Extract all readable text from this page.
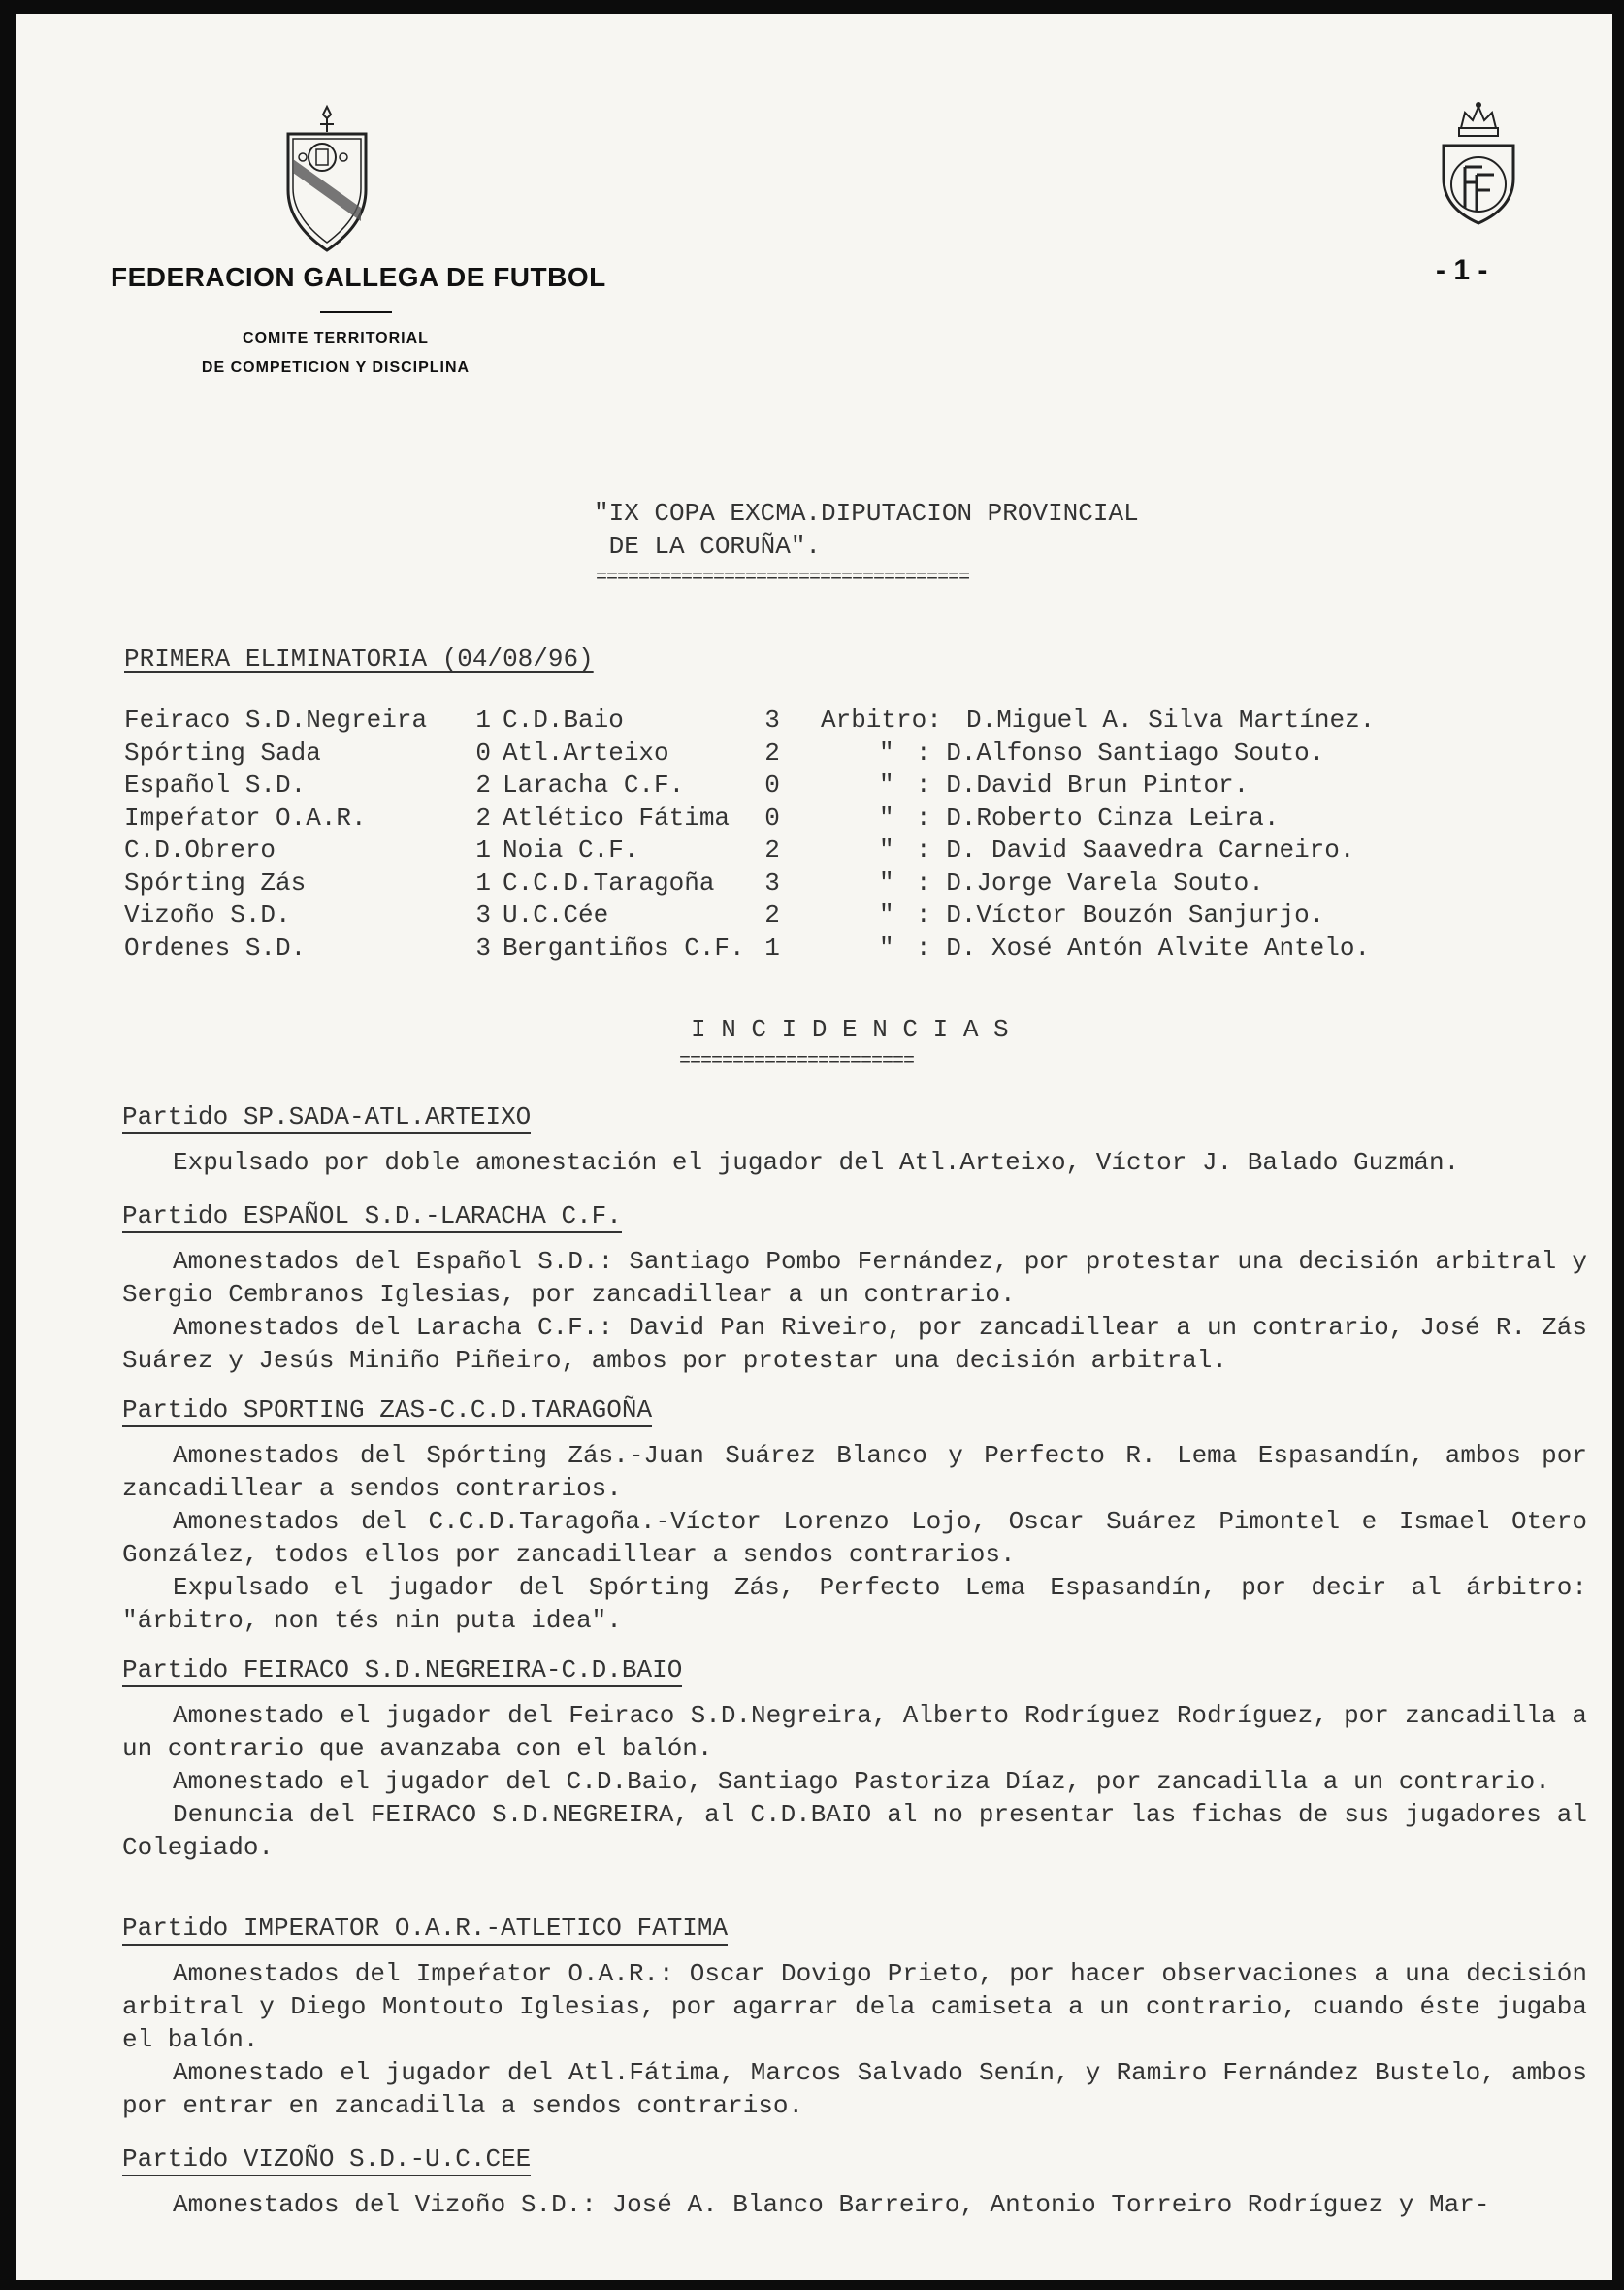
FEDERACION GALLEGA DE FUTBOL
COMITE TERRITORIAL
DE COMPETICION Y DISCIPLINA
- 1 -
"IX COPA EXCMA.DIPUTACION PROVINCIAL
DE LA CORUÑA".
===================================
PRIMERA ELIMINATORIA (04/08/96)
Feiraco S.D.Negreira	1		C.D.Baio	3		Arbitro:	D.Miguel A. Silva Martínez.
Spórting Sada	0		Atl.Arteixo	2		"	: D.Alfonso Santiago Souto.
Español S.D.	2		Laracha C.F.	0		"	: D.David Brun Pintor.
Impeŕator O.A.R.	2		Atlético Fátima	0		"	: D.Roberto Cinza Leira.
C.D.Obrero	1		Noia C.F.	2		"	: D. David Saavedra Carneiro.
Spórting Zás	1		C.C.D.Taragoña	3		"	: D.Jorge Varela Souto.
Vizoño S.D.	3		U.C.Cée	2		"	: D.Víctor Bouzón Sanjurjo.
Ordenes S.D.	3		Bergantiños C.F.	1		"	: D. Xosé Antón Alvite Antelo.
I N C I D E N C I A S
======================
Partido SP.SADA-ATL.ARTEIXO

Expulsado por doble amonestación el jugador del Atl.Arteixo, Víctor J. Balado Guzmán.

Partido ESPAÑOL S.D.-LARACHA C.F.

Amonestados del Español S.D.: Santiago Pombo Fernández, por protestar una decisión arbitral y Sergio Cembranos Iglesias, por zancadillear a un contrario.

Amonestados del Laracha C.F.: David Pan Riveiro, por zancadillear a un contrario, José R. Zás Suárez y Jesús Miniño Piñeiro, ambos por protestar una decisión arbitral.

Partido SPORTING ZAS-C.C.D.TARAGOÑA

Amonestados del Spórting Zás.-Juan Suárez Blanco y Perfecto R. Lema Espasandín, ambos por zancadillear a sendos contrarios.

Amonestados del C.C.D.Taragoña.-Víctor Lorenzo Lojo, Oscar Suárez Pimontel e Ismael Otero González, todos ellos por zancadillear a sendos contrarios.

Expulsado el jugador del Spórting Zás, Perfecto Lema Espasandín, por decir al árbitro: "árbitro, non tés nin puta idea".

Partido FEIRACO S.D.NEGREIRA-C.D.BAIO

Amonestado el jugador del Feiraco S.D.Negreira, Alberto Rodríguez Rodríguez, por zancadilla a un contrario que avanzaba con el balón.

Amonestado el jugador del C.D.Baio, Santiago Pastoriza Díaz, por zancadilla a un contrario.

Denuncia del FEIRACO S.D.NEGREIRA, al C.D.BAIO al no presentar las fichas de sus jugadores al Colegiado.

Partido IMPERATOR O.A.R.-ATLETICO FATIMA

Amonestados del Impeŕator O.A.R.: Oscar Dovigo Prieto, por hacer observaciones a una decisión arbitral y Diego Montouto Iglesias, por agarrar dela camiseta a un contrario, cuando éste jugaba el balón.

Amonestado el jugador del Atl.Fátima, Marcos Salvado Senín, y Ramiro Fernández Bustelo, ambos por entrar en zancadilla a sendos contrariso.

Partido VIZOÑO S.D.-U.C.CEE

Amonestados del Vizoño S.D.: José A. Blanco Barreiro, Antonio Torreiro Rodríguez y Mar-
